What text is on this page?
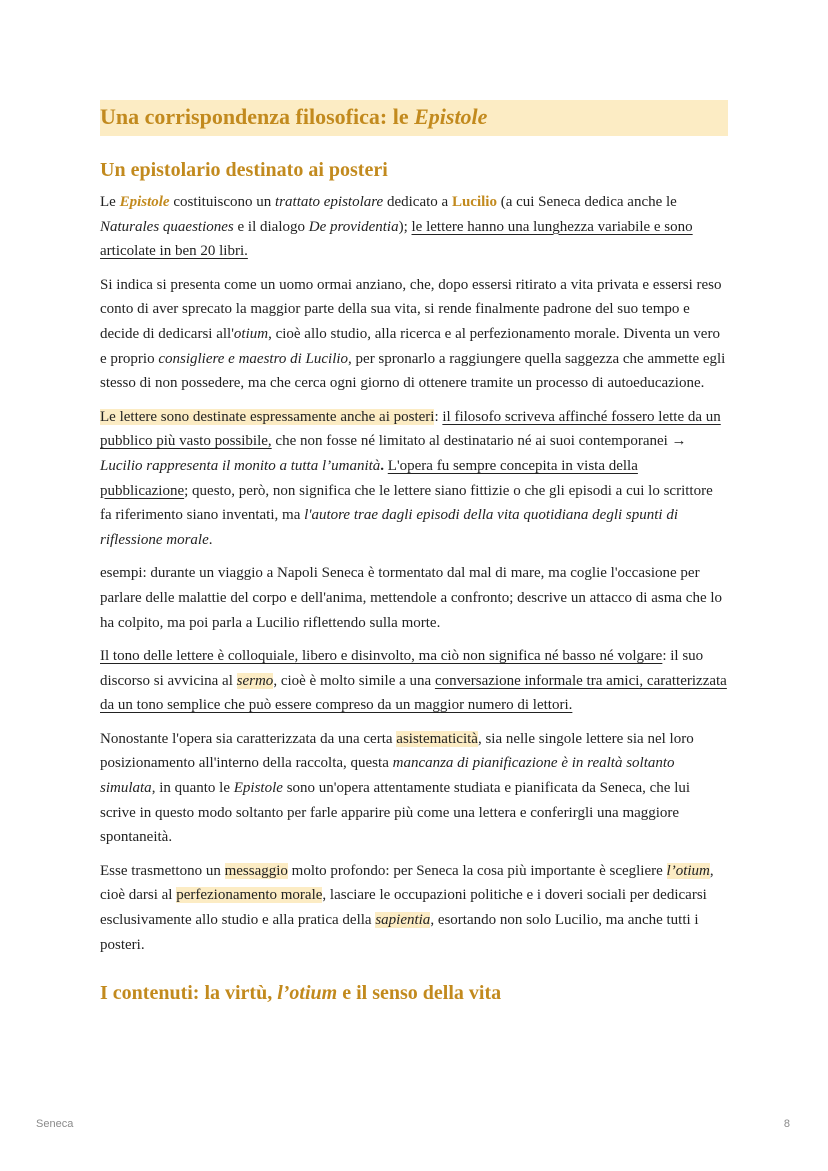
Una corrispondenza filosofica: le Epistole
Un epistolario destinato ai posteri

Le Epistole costituiscono un trattato epistolare dedicato a Lucilio (a cui Seneca dedica anche le Naturales quaestiones e il dialogo De providentia); le lettere hanno una lunghezza variabile e sono articolate in ben 20 libri.

Si indica si presenta come un uomo ormai anziano, che, dopo essersi ritirato a vita privata e essersi reso conto di aver sprecato la maggior parte della sua vita, si rende finalmente padrone del suo tempo e decide di dedicarsi all'otium, cioè allo studio, alla ricerca e al perfezionamento morale. Diventa un vero e proprio consigliere e maestro di Lucilio, per spronarlo a raggiungere quella saggezza che ammette egli stesso di non possedere, ma che cerca ogni giorno di ottenere tramite un processo di autoeducazione.

Le lettere sono destinate espressamente anche ai posteri: il filosofo scriveva affinché fossero lette da un pubblico più vasto possibile, che non fosse né limitato al destinatario né ai suoi contemporanei → Lucilio rappresenta il monito a tutta l’umanità. L'opera fu sempre concepita in vista della pubblicazione; questo, però, non significa che le lettere siano fittizie o che gli episodi a cui lo scrittore fa riferimento siano inventati, ma l'autore trae dagli episodi della vita quotidiana degli spunti di riflessione morale.

esempi: durante un viaggio a Napoli Seneca è tormentato dal mal di mare, ma coglie l'occasione per parlare delle malattie del corpo e dell'anima, mettendole a confronto; descrive un attacco di asma che lo ha colpito, ma poi parla a Lucilio riflettendo sulla morte.

Il tono delle lettere è colloquiale, libero e disinvolto, ma ciò non significa né basso né volgare: il suo discorso si avvicina al sermo, cioè è molto simile a una conversazione informale tra amici, caratterizzata da un tono semplice che può essere compreso da un maggior numero di lettori.

Nonostante l'opera sia caratterizzata da una certa asistematicità, sia nelle singole lettere sia nel loro posizionamento all'interno della raccolta, questa mancanza di pianificazione è in realtà soltanto simulata, in quanto le Epistole sono un'opera attentamente studiata e pianificata da Seneca, che lui scrive in questo modo soltanto per farle apparire più come una lettera e conferirgli una maggiore spontaneità.

Esse trasmettono un messaggio molto profondo: per Seneca la cosa più importante è scegliere l’otium, cioè darsi al perfezionamento morale, lasciare le occupazioni politiche e i doveri sociali per dedicarsi esclusivamente allo studio e alla pratica della sapientia, esortando non solo Lucilio, ma anche tutti i posteri.

I contenuti: la virtù, l’otium e il senso della vita
Seneca	8
